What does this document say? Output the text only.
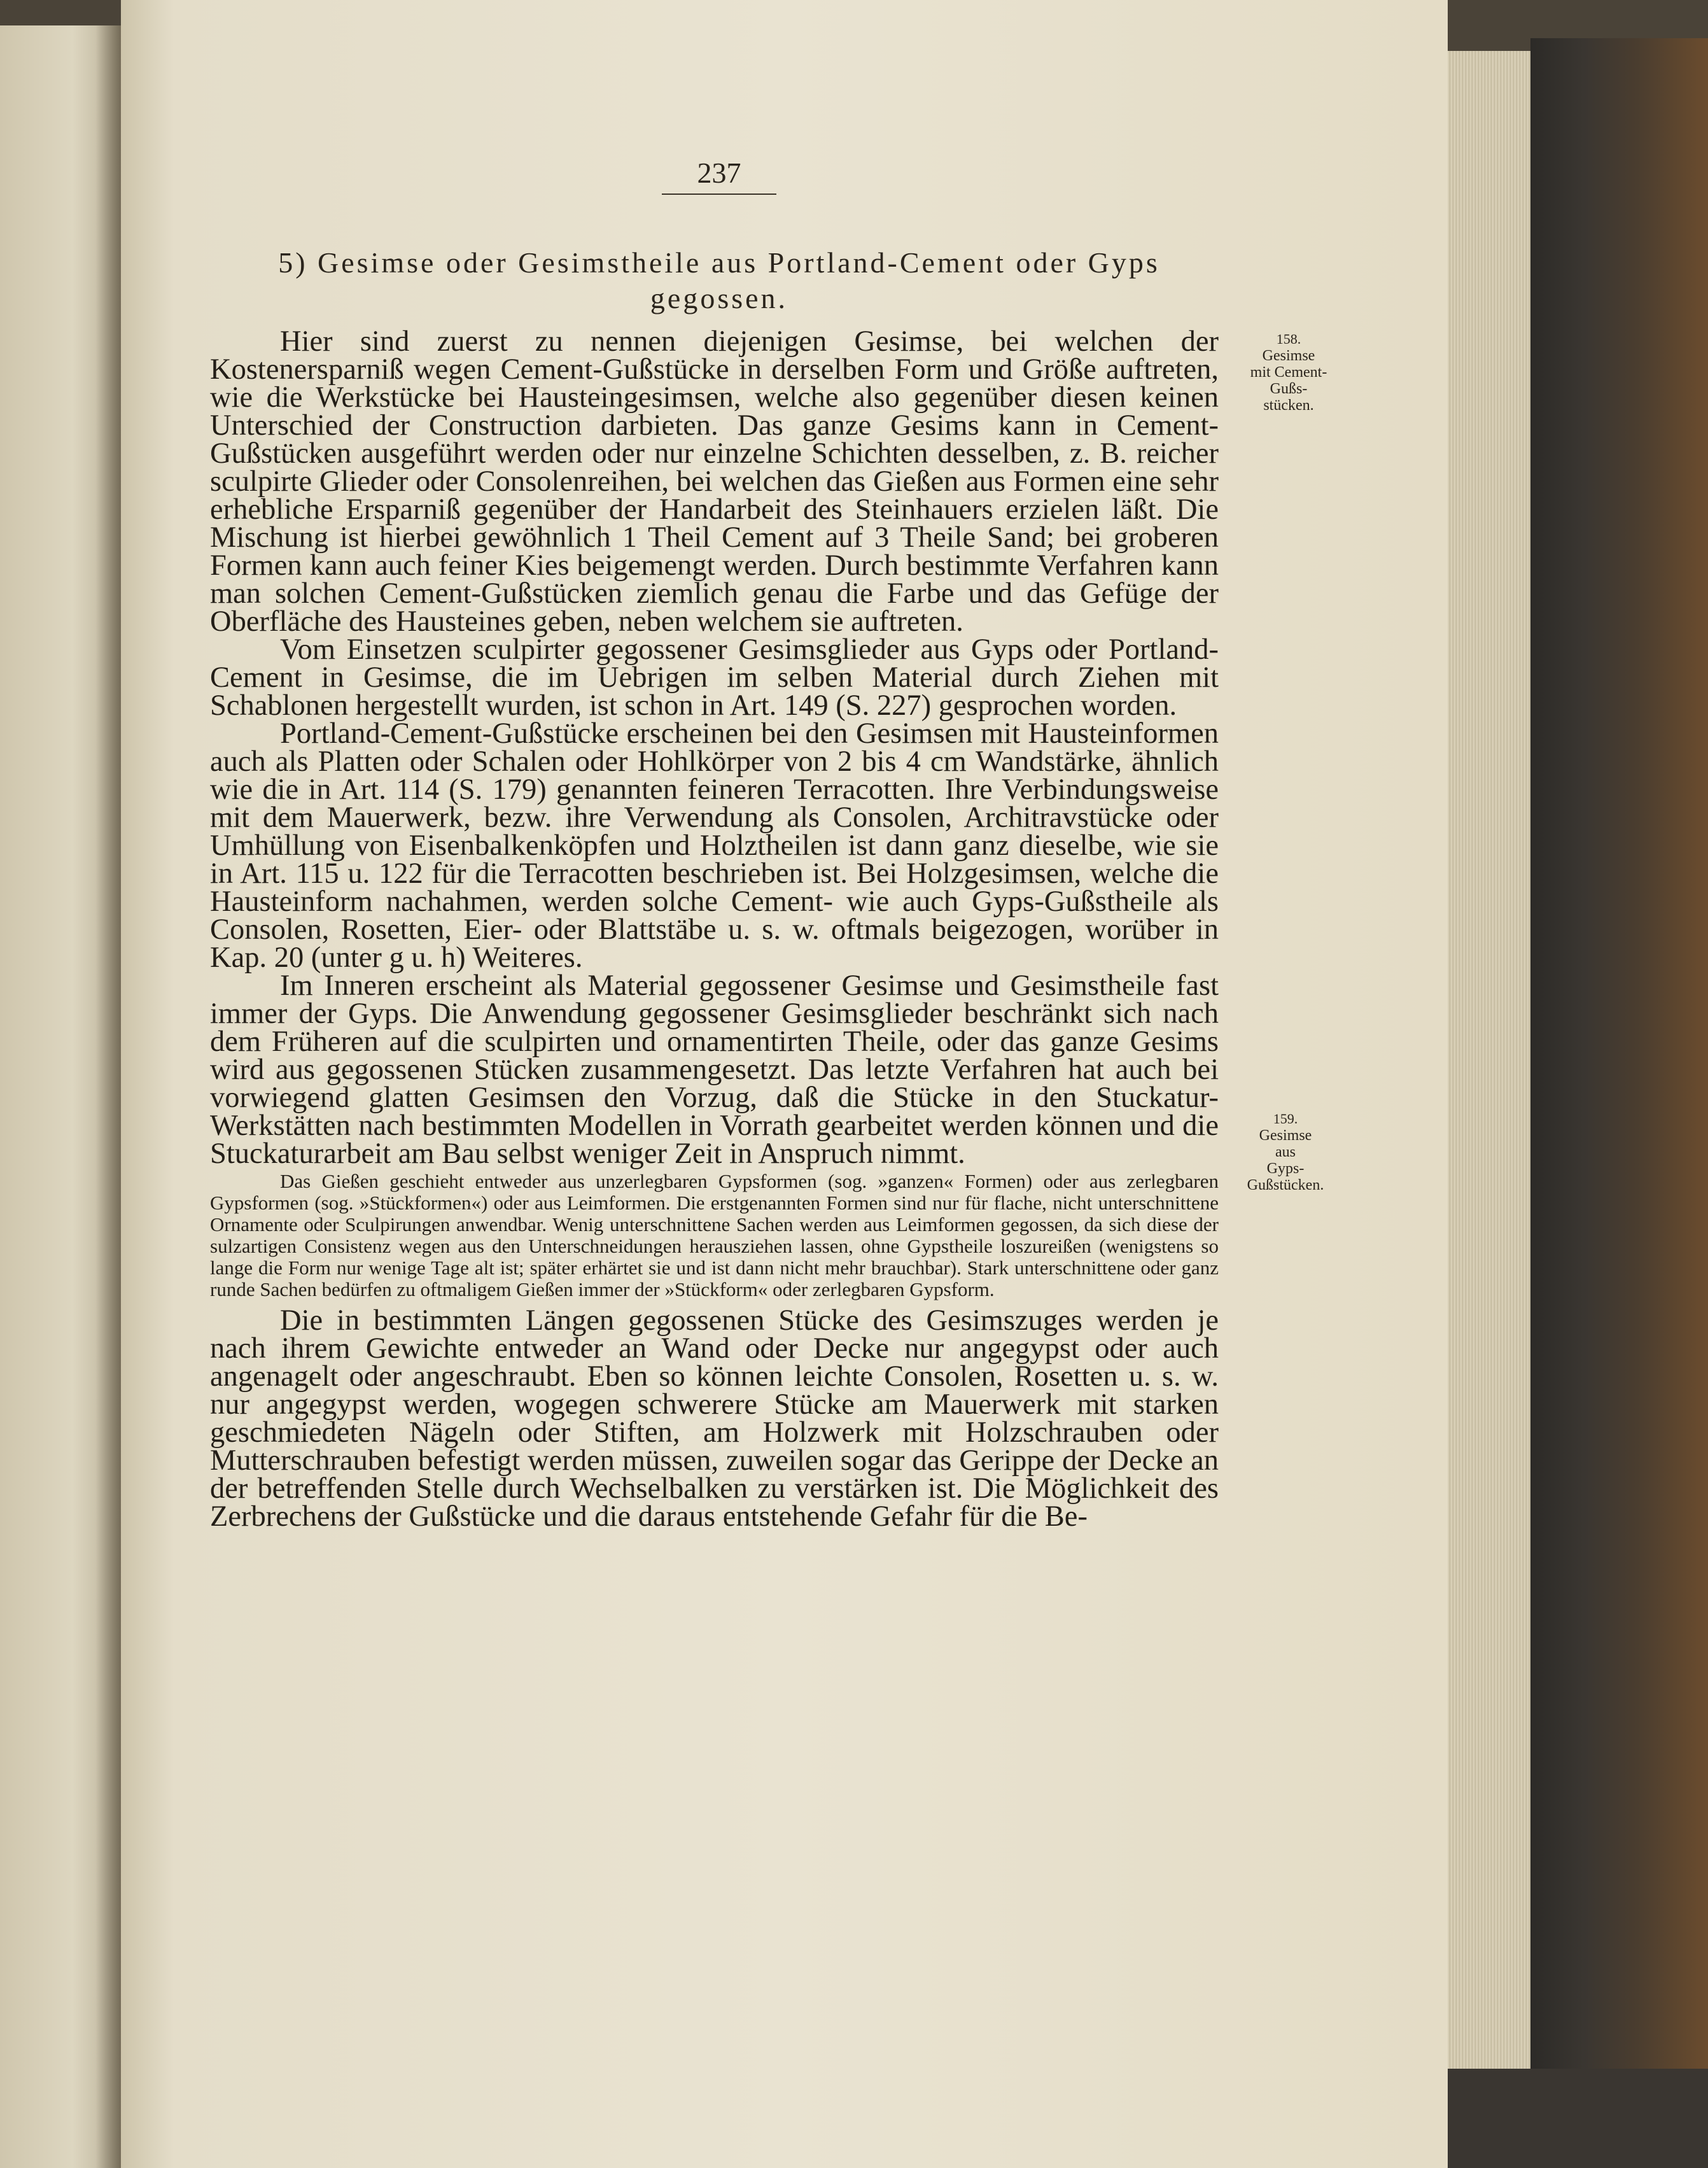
237
5) Gesimse oder Gesimstheile aus Portland-Cement oder Gyps
gegossen.
158.
Gesimse
mit Cement-
Gußs-
stücken.
159.
Gesimse
aus
Gyps-
Gußstücken.

Hier sind zuerst zu nennen diejenigen Gesimse, bei welchen der Kostenersparniß wegen Cement-Gußstücke in derselben Form und Größe auftreten, wie die Werkstücke bei Hausteingesimsen, welche also gegenüber diesen keinen Unterschied der Construction darbieten. Das ganze Gesims kann in Cement-Gußstücken ausgeführt werden oder nur einzelne Schichten desselben, z. B. reicher sculpirte Glieder oder Consolenreihen, bei welchen das Gießen aus Formen eine sehr erhebliche Ersparniß gegenüber der Handarbeit des Steinhauers erzielen läßt. Die Mischung ist hierbei gewöhnlich 1 Theil Cement auf 3 Theile Sand; bei groberen Formen kann auch feiner Kies beigemengt werden. Durch bestimmte Verfahren kann man solchen Cement-Gußstücken ziemlich genau die Farbe und das Gefüge der Oberfläche des Hausteines geben, neben welchem sie auftreten.

Vom Einsetzen sculpirter gegossener Gesimsglieder aus Gyps oder Portland-Cement in Gesimse, die im Uebrigen im selben Material durch Ziehen mit Schablonen hergestellt wurden, ist schon in Art. 149 (S. 227) gesprochen worden.

Portland-Cement-Gußstücke erscheinen bei den Gesimsen mit Hausteinformen auch als Platten oder Schalen oder Hohlkörper von 2 bis 4 cm Wandstärke, ähnlich wie die in Art. 114 (S. 179) genannten feineren Terracotten. Ihre Verbindungsweise mit dem Mauerwerk, bezw. ihre Verwendung als Consolen, Architravstücke oder Umhüllung von Eisenbalkenköpfen und Holztheilen ist dann ganz dieselbe, wie sie in Art. 115 u. 122 für die Terracotten beschrieben ist. Bei Holzgesimsen, welche die Hausteinform nachahmen, werden solche Cement- wie auch Gyps-Gußstheile als Consolen, Rosetten, Eier- oder Blattstäbe u. s. w. oftmals beigezogen, worüber in Kap. 20 (unter g u. h) Weiteres.

Im Inneren erscheint als Material gegossener Gesimse und Gesimstheile fast immer der Gyps. Die Anwendung gegossener Gesimsglieder beschränkt sich nach dem Früheren auf die sculpirten und ornamentirten Theile, oder das ganze Gesims wird aus gegossenen Stücken zusammengesetzt. Das letzte Verfahren hat auch bei vorwiegend glatten Gesimsen den Vorzug, daß die Stücke in den Stuckatur-Werkstätten nach bestimmten Modellen in Vorrath gearbeitet werden können und die Stuckaturarbeit am Bau selbst weniger Zeit in Anspruch nimmt.

Das Gießen geschieht entweder aus unzerlegbaren Gypsformen (sog. »ganzen« Formen) oder aus zerlegbaren Gypsformen (sog. »Stückformen«) oder aus Leimformen. Die erstgenannten Formen sind nur für flache, nicht unterschnittene Ornamente oder Sculpirungen anwendbar. Wenig unterschnittene Sachen werden aus Leimformen gegossen, da sich diese der sulzartigen Consistenz wegen aus den Unterschneidungen herausziehen lassen, ohne Gypstheile loszureißen (wenigstens so lange die Form nur wenige Tage alt ist; später erhärtet sie und ist dann nicht mehr brauchbar). Stark unterschnittene oder ganz runde Sachen bedürfen zu oftmaligem Gießen immer der »Stückform« oder zerlegbaren Gypsform.

Die in bestimmten Längen gegossenen Stücke des Gesimszuges werden je nach ihrem Gewichte entweder an Wand oder Decke nur angegypst oder auch angenagelt oder angeschraubt. Eben so können leichte Consolen, Rosetten u. s. w. nur angegypst werden, wogegen schwerere Stücke am Mauerwerk mit starken geschmiedeten Nägeln oder Stiften, am Holzwerk mit Holzschrauben oder Mutterschrauben befestigt werden müssen, zuweilen sogar das Gerippe der Decke an der betreffenden Stelle durch Wechselbalken zu verstärken ist. Die Möglichkeit des Zerbrechens der Gußstücke und die daraus entstehende Gefahr für die Be-
